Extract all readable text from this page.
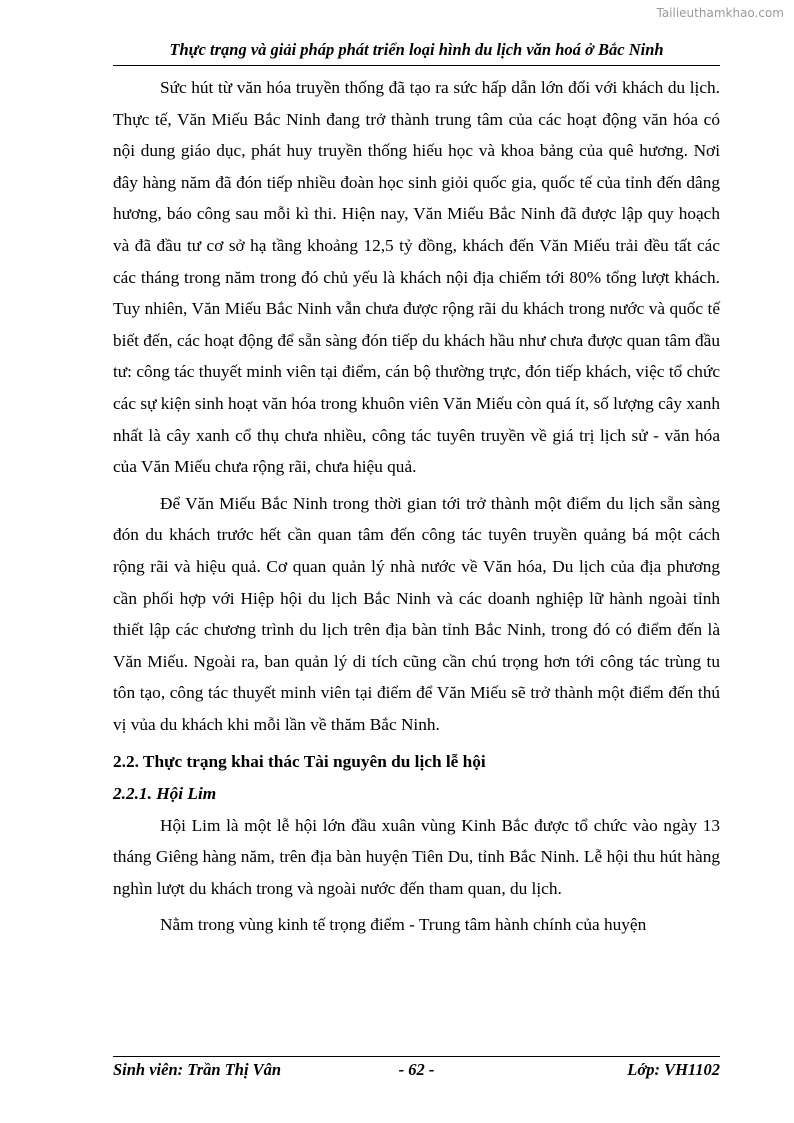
Tailieuthamkhao.com
Thực trạng và giải pháp phát triển loại hình du lịch văn hoá ở Bắc Ninh

Sức hút từ văn hóa truyền thống đã tạo ra sức hấp dẫn lớn đối với khách du lịch. Thực tế, Văn Miếu Bắc Ninh đang trở thành trung tâm của các hoạt động văn hóa có nội dung giáo dục, phát huy truyền thống hiếu học và khoa bảng của quê hương. Nơi đây hàng năm đã đón tiếp nhiều đoàn học sinh giỏi quốc gia, quốc tế của tỉnh đến dâng hương, báo công sau mỗi kì thi. Hiện nay, Văn Miếu Bắc Ninh đã được lập quy hoạch và đã đầu tư cơ sở hạ tầng khoảng 12,5 tỷ đồng, khách đến Văn Miếu trải đều tất các các tháng trong năm trong đó chủ yếu là khách nội địa chiếm tới 80% tổng lượt khách. Tuy nhiên, Văn Miếu Bắc Ninh vẫn chưa được rộng rãi du khách trong nước và quốc tế biết đến, các hoạt động để sẵn sàng đón tiếp du khách hầu như chưa được quan tâm đầu tư: công tác thuyết minh viên tại điểm, cán bộ thường trực, đón tiếp khách, việc tổ chức các sự kiện sinh hoạt văn hóa trong khuôn viên Văn Miếu còn quá ít, số lượng cây xanh nhất là cây xanh cổ thụ chưa nhiều, công tác tuyên truyền về giá trị lịch sử - văn hóa của Văn Miếu chưa rộng rãi, chưa hiệu quả.

Để Văn Miếu Bắc Ninh trong thời gian tới trở thành một điểm du lịch sẵn sàng đón du khách trước hết cần quan tâm đến công tác tuyên truyền quảng bá một cách rộng rãi và hiệu quả. Cơ quan quản lý nhà nước về Văn hóa, Du lịch của địa phương cần phối hợp với Hiệp hội du lịch Bắc Ninh và các doanh nghiệp lữ hành ngoài tỉnh thiết lập các chương trình du lịch trên địa bàn tỉnh Bắc Ninh, trong đó có điểm đến là Văn Miếu. Ngoài ra, ban quản lý di tích cũng cần chú trọng hơn tới công tác trùng tu tôn tạo, công tác thuyết minh viên tại điểm để Văn Miếu sẽ trở thành một điểm đến thú vị vủa du khách khi mỗi lần về thăm Bắc Ninh.

2.2. Thực trạng khai thác Tài nguyên du lịch lễ hội
2.2.1. Hội Lim

Hội Lim là một lễ hội lớn đầu xuân vùng Kinh Bắc được tổ chức vào ngày 13 tháng Giêng hàng năm, trên địa bàn huyện Tiên Du, tỉnh Bắc Ninh. Lễ hội thu hút hàng nghìn lượt du khách trong và ngoài nước đến tham quan, du lịch.

Nằm trong vùng kinh tế trọng điểm - Trung tâm hành chính của huyện

Sinh viên: Trần Thị Vân	- 62 -	Lớp: VH1102
